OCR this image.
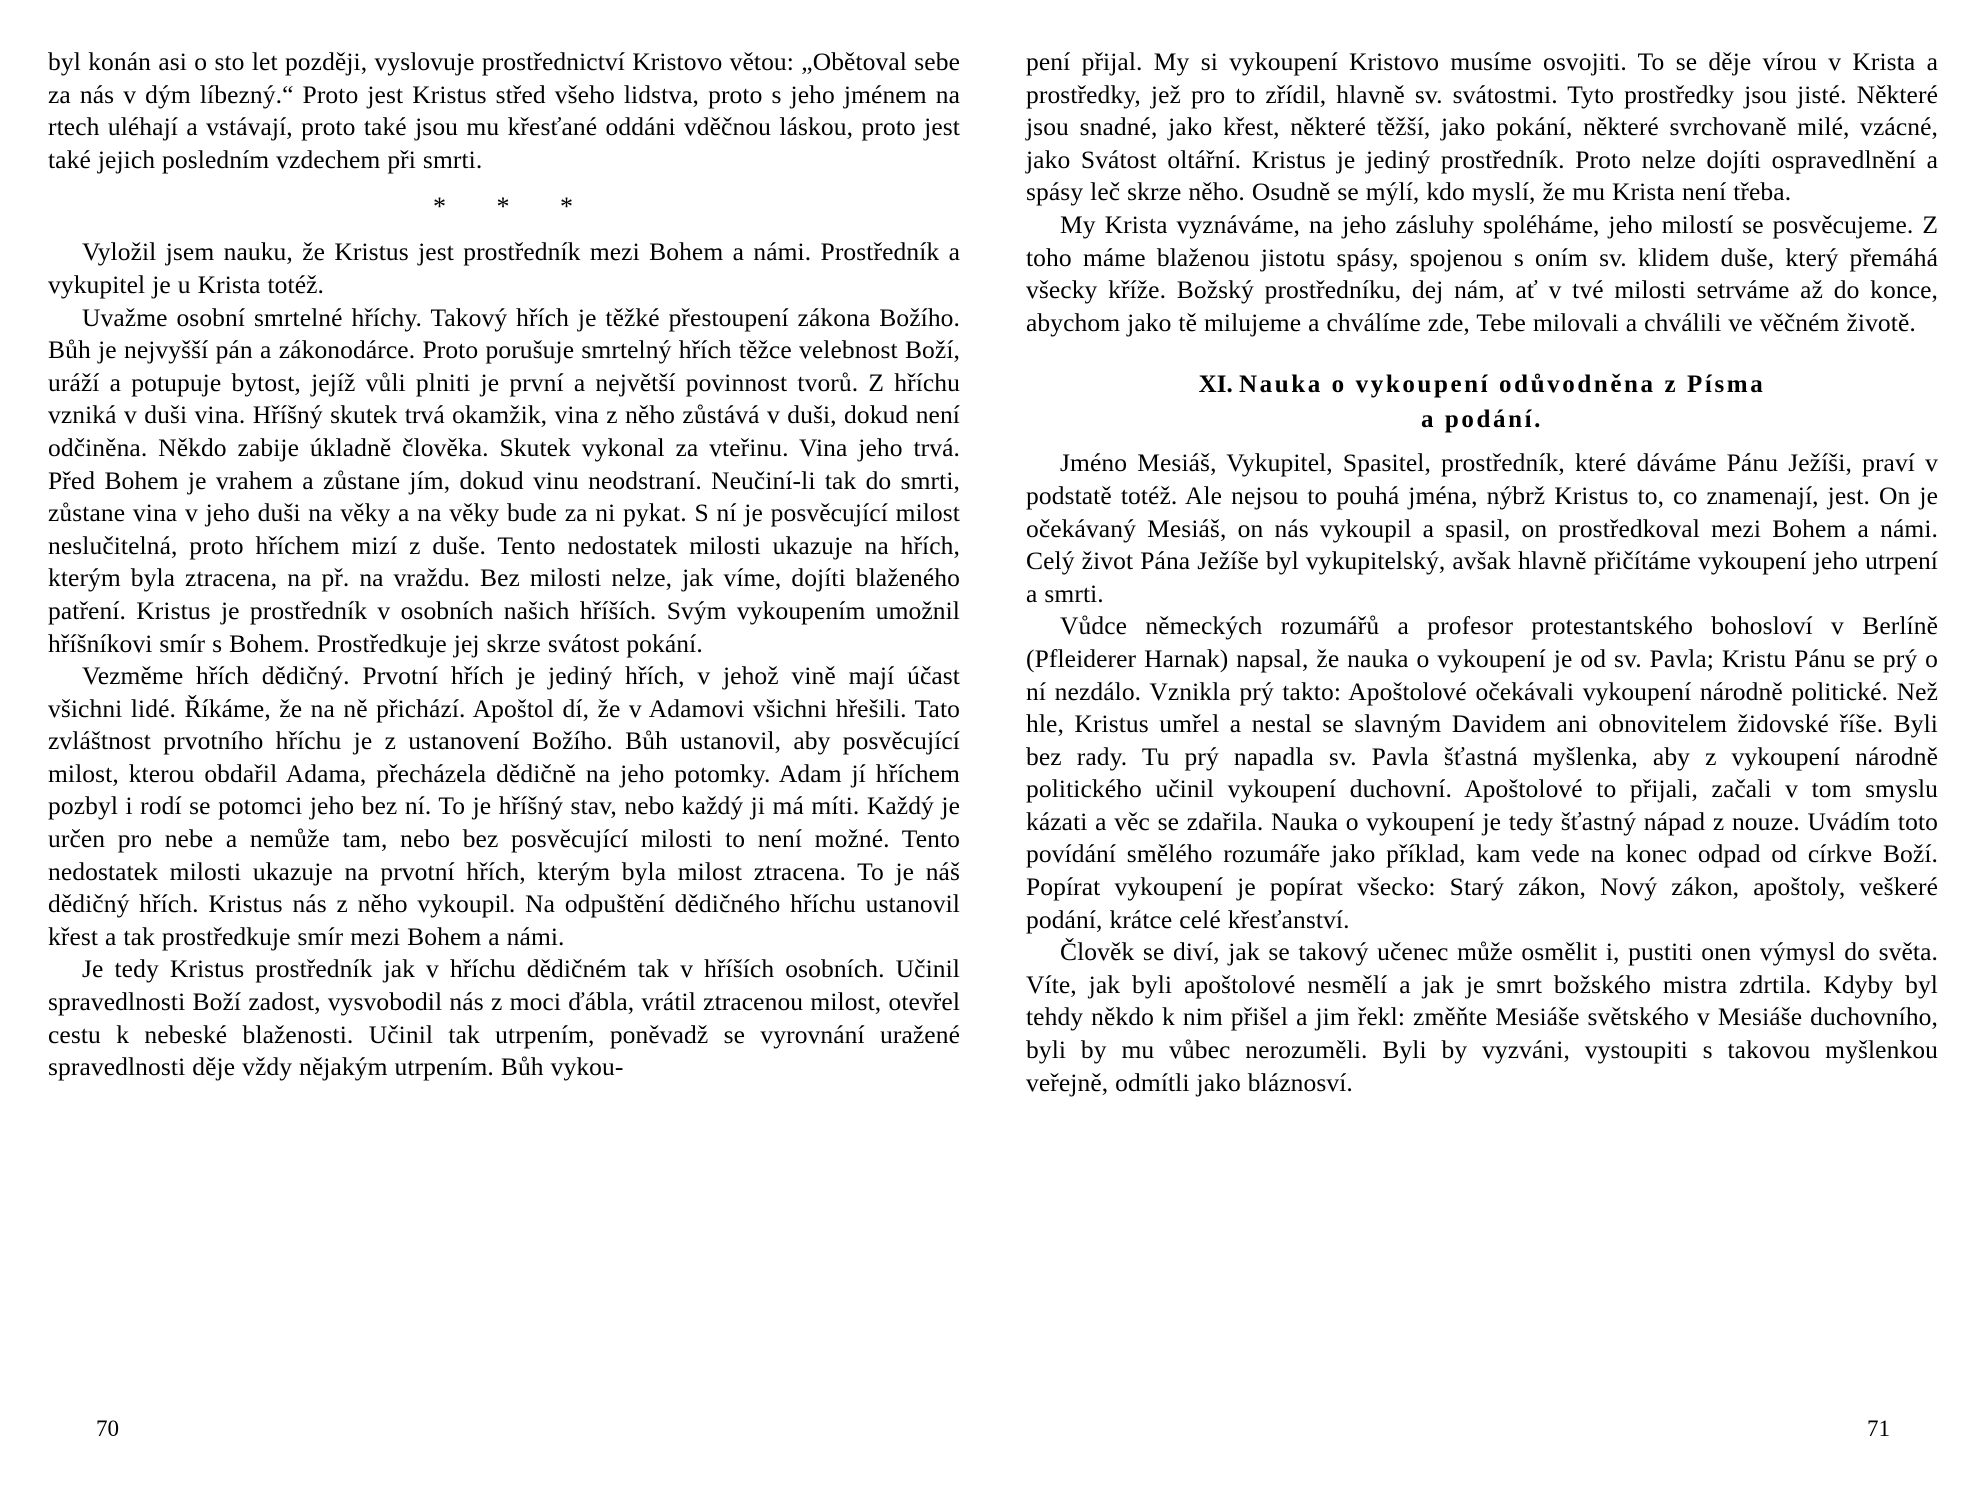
byl konán asi o sto let později, vyslovuje prostřednictví Kristovo větou: „Obětoval sebe za nás v dým líbezný.“ Proto jest Kristus střed všeho lidstva, proto s jeho jménem na rtech uléhají a vstávají, proto také jsou mu křesťané oddáni vděčnou láskou, proto jest také jejich posledním vzdechem při smrti.

* * *

Vyložil jsem nauku, že Kristus jest prostředník mezi Bohem a námi. Prostředník a vykupitel je u Krista totéž.

Uvažme osobní smrtelné hříchy. Takový hřích je těžké přestoupení zákona Božího. Bůh je nejvyšší pán a zákonodárce. Proto porušuje smrtelný hřích těžce velebnost Boží, uráží a potupuje bytost, jejíž vůli plniti je první a největší povinnost tvorů. Z hříchu vzniká v duši vina. Hříšný skutek trvá okamžik, vina z něho zůstává v duši, dokud není odčiněna. Někdo zabije úkladně člověka. Skutek vykonal za vteřinu. Vina jeho trvá. Před Bohem je vrahem a zůstane jím, dokud vinu neodstraní. Neučiní-li tak do smrti, zůstane vina v jeho duši na věky a na věky bude za ni pykat. S ní je posvěcující milost neslučitelná, proto hříchem mizí z duše. Tento nedostatek milosti ukazuje na hřích, kterým byla ztracena, na př. na vraždu. Bez milosti nelze, jak víme, dojíti blaženého patření. Kristus je prostředník v osobních našich hříších. Svým vykoupením umožnil hříšníkovi smír s Bohem. Prostředkuje jej skrze svátost pokání.

Vezměme hřích dědičný. Prvotní hřích je jediný hřích, v jehož vině mají účast všichni lidé. Říkáme, že na ně přichází. Apoštol dí, že v Adamovi všichni hřešili. Tato zvláštnost prvotního hříchu je z ustanovení Božího. Bůh ustanovil, aby posvěcující milost, kterou obdařil Adama, přecházela dědičně na jeho potomky. Adam jí hříchem pozbyl i rodí se potomci jeho bez ní. To je hříšný stav, nebo každý ji má míti. Každý je určen pro nebe a nemůže tam, nebo bez posvěcující milosti to není možné. Tento nedostatek milosti ukazuje na prvotní hřích, kterým byla milost ztracena. To je náš dědičný hřích. Kristus nás z něho vykoupil. Na odpuštění dědičného hříchu ustanovil křest a tak prostředkuje smír mezi Bohem a námi.

Je tedy Kristus prostředník jak v hříchu dědičném tak v hříších osobních. Učinil spravedlnosti Boží zadost, vysvobodil nás z moci ďábla, vrátil ztracenou milost, otevřel cestu k nebeské blaženosti. Učinil tak utrpením, poněvadž se vyrovnání uražené spravedlnosti děje vždy nějakým utrpením. Bůh vykou-

70

pení přijal. My si vykoupení Kristovo musíme osvojiti. To se děje vírou v Krista a prostředky, jež pro to zřídil, hlavně sv. svátostmi. Tyto prostředky jsou jisté. Některé jsou snadné, jako křest, některé těžší, jako pokání, některé svrchovaně milé, vzácné, jako Svátost oltářní. Kristus je jediný prostředník. Proto nelze dojíti ospravedlnění a spásy leč skrze něho. Osudně se mýlí, kdo myslí, že mu Krista není třeba.

My Krista vyznáváme, na jeho zásluhy spoléháme, jeho milostí se posvěcujeme. Z toho máme blaženou jistotu spásy, spojenou s oním sv. klidem duše, který přemáhá všecky kříže. Božský prostředníku, dej nám, ať v tvé milosti setrváme až do konce, abychom jako tě milujeme a chválíme zde, Tebe milovali a chválili ve věčném životě.

XI. Nauka o vykoupení odůvodněna z Písma
a podání.

Jméno Mesiáš, Vykupitel, Spasitel, prostředník, které dáváme Pánu Ježíši, praví v podstatě totéž. Ale nejsou to pouhá jména, nýbrž Kristus to, co znamenají, jest. On je očekávaný Mesiáš, on nás vykoupil a spasil, on prostředkoval mezi Bohem a námi. Celý život Pána Ježíše byl vykupitelský, avšak hlavně přičítáme vykoupení jeho utrpení a smrti.

Vůdce německých rozumářů a profesor protestantského bohosloví v Berlíně (Pfleiderer Harnak) napsal, že nauka o vykoupení je od sv. Pavla; Kristu Pánu se prý o ní nezdálo. Vznikla prý takto: Apoštolové očekávali vykoupení národně politické. Než hle, Kristus umřel a nestal se slavným Davidem ani obnovitelem židovské říše. Byli bez rady. Tu prý napadla sv. Pavla šťastná myšlenka, aby z vykoupení národně politického učinil vykoupení duchovní. Apoštolové to přijali, začali v tom smyslu kázati a věc se zdařila. Nauka o vykoupení je tedy šťastný nápad z nouze. Uvádím toto povídání smělého rozumáře jako příklad, kam vede na konec odpad od církve Boží. Popírat vykoupení je popírat všecko: Starý zákon, Nový zákon, apoštoly, veškeré podání, krátce celé křesťanství.

Člověk se diví, jak se takový učenec může osmělit i, pustiti onen výmysl do světa. Víte, jak byli apoštolové nesmělí a jak je smrt božského mistra zdrtila. Kdyby byl tehdy někdo k nim přišel a jim řekl: změňte Mesiáše světského v Mesiáše duchovního, byli by mu vůbec nerozuměli. Byli by vyzváni, vystoupiti s takovou myšlenkou veřejně, odmítli jako bláznosví.

71
